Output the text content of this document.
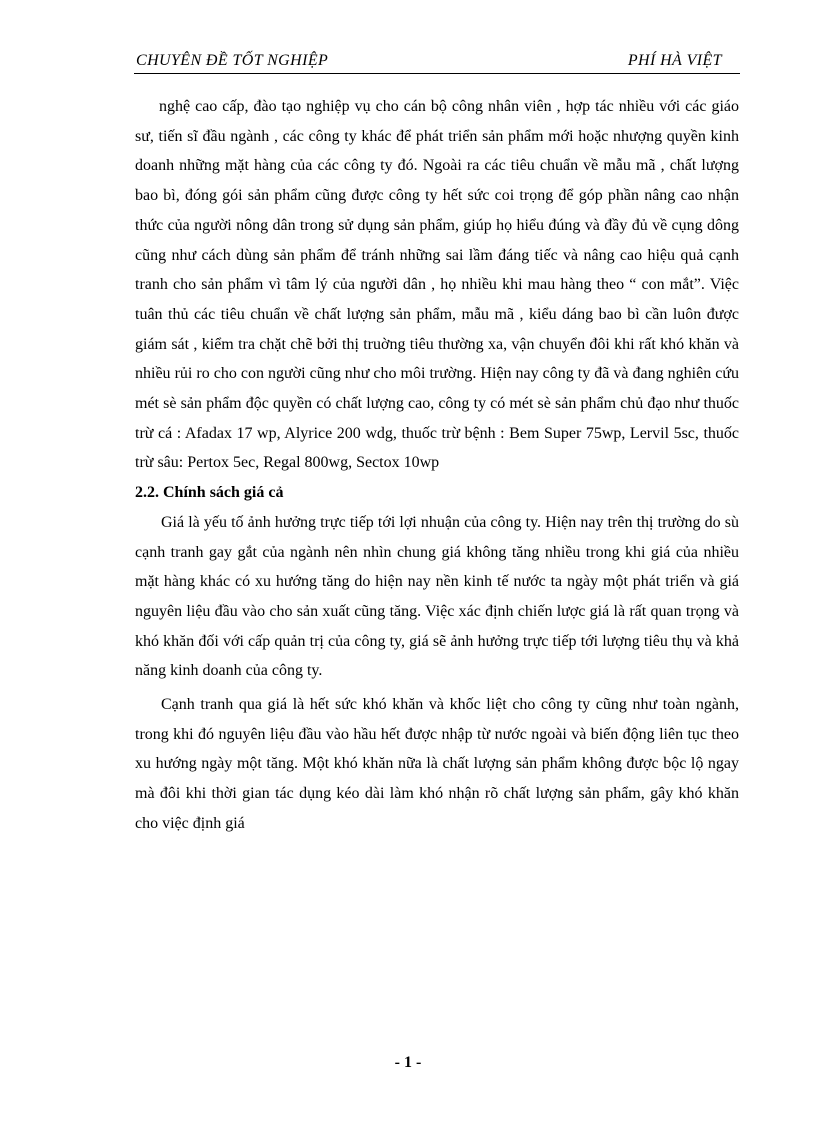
CHUYÊN ĐỀ TỐT NGHIỆP	PHÍ HÀ VIỆT

nghệ cao cấp, đào tạo nghiệp vụ cho cán bộ công nhân viên , hợp tác nhiều với các giáo sư, tiến sĩ đầu ngành , các công ty khác để phát triển sản phẩm mới hoặc nhượng quyền kinh doanh những mặt hàng của các công ty đó. Ngoài ra các tiêu chuẩn về mẫu mã , chất lượng bao bì, đóng gói sản phẩm cũng được công ty hết sức coi trọng để góp phần nâng cao nhận thức của người nông dân trong sử dụng sản phẩm, giúp họ hiểu đúng và đầy đủ về cụng dông cũng như cách dùng sản phẩm để tránh những sai lầm đáng tiếc và nâng cao hiệu quả cạnh tranh cho sản phẩm vì tâm lý của người dân , họ nhiều khi mau hàng theo “ con mắt”. Việc tuân thủ các tiêu chuẩn về chất lượng sản phẩm, mẫu mã , kiểu dáng bao bì cần luôn được giám sát , kiểm tra chặt chẽ bởi thị truờng tiêu thường xa, vận chuyển đôi khi rất khó khăn và nhiều rủi ro cho con người cũng như cho môi trường. Hiện nay công ty đã và đang nghiên cứu mét sè sản phẩm độc quyền có chất lượng cao, công ty có mét sè sản phẩm chủ đạo như thuốc trừ cá : Afadax 17 wp, Alyrice 200 wdg, thuốc trừ bệnh : Bem Super 75wp, Lervil 5sc, thuốc trừ sâu: Pertox 5ec, Regal 800wg, Sectox 10wp

2.2. Chính sách giá cả

Giá là yếu tố ảnh hưởng trực tiếp tới lợi nhuận của công ty. Hiện nay trên thị trường do sù cạnh tranh gay gắt của ngành nên nhìn chung giá không tăng nhiều trong khi giá của nhiều mặt hàng khác có xu hướng tăng do hiện nay nền kinh tế nước ta ngày một phát triển và giá nguyên liệu đầu vào cho sản xuất cũng tăng. Việc xác định chiến lược giá là rất quan trọng và khó khăn đối với cấp quản trị của công ty, giá sẽ ảnh hưởng trực tiếp tới lượng tiêu thụ và khả năng kinh doanh của công ty.

Cạnh tranh qua giá là hết sức khó khăn và khốc liệt cho công ty cũng như toàn ngành, trong khi đó nguyên liệu đầu vào hầu hết được nhập từ nước ngoài và biến động liên tục theo xu hướng ngày một tăng. Một khó khăn nữa là chất lượng sản phẩm không được bộc lộ ngay mà đôi khi thời gian tác dụng kéo dài làm khó nhận rõ chất lượng sản phẩm, gây khó khăn cho việc định giá

- 1 -
